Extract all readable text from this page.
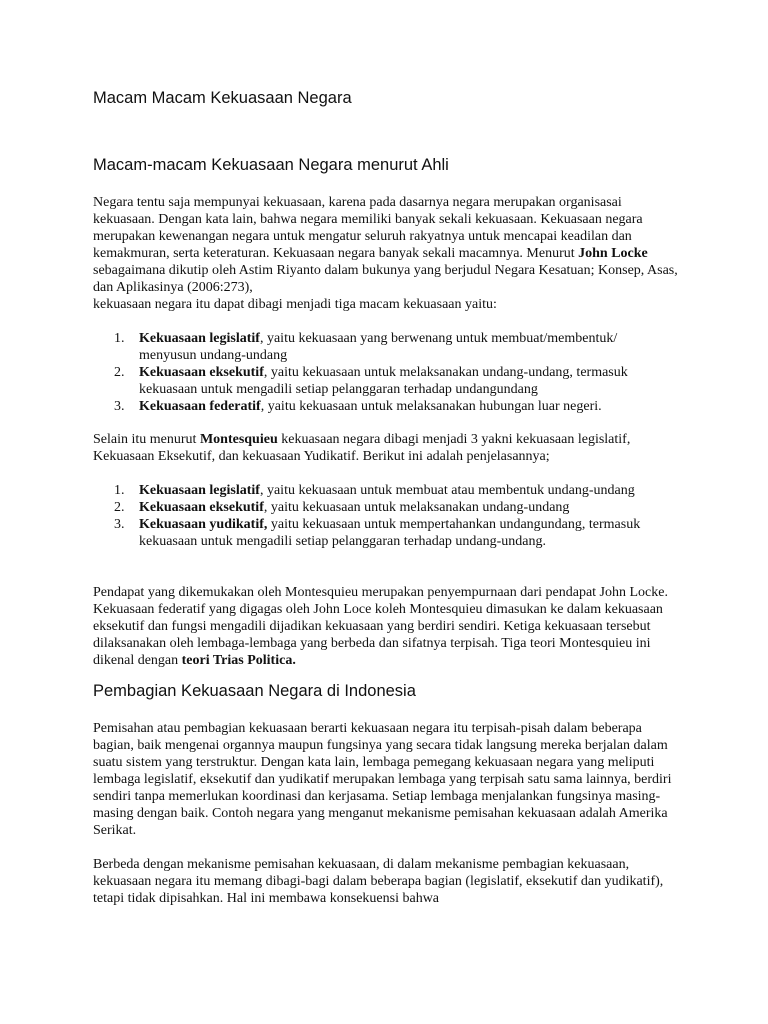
Macam Macam Kekuasaan Negara
Macam-macam Kekuasaan Negara menurut Ahli

Negara tentu saja mempunyai kekuasaan, karena pada dasarnya negara merupakan organisasai kekuasaan. Dengan kata lain, bahwa negara memiliki banyak sekali kekuasaan. Kekuasaan negara merupakan kewenangan negara untuk mengatur seluruh rakyatnya untuk mencapai keadilan dan kemakmuran, serta keteraturan. Kekuasaan negara banyak sekali macamnya. Menurut John Locke sebagaimana dikutip oleh Astim Riyanto dalam bukunya yang berjudul Negara Kesatuan; Konsep, Asas, dan Aplikasinya (2006:273),

kekuasaan negara itu dapat dibagi menjadi tiga macam kekuasaan yaitu:

1. Kekuasaan legislatif, yaitu kekuasaan yang berwenang untuk membuat/membentuk/ menyusun undang-undang
2. Kekuasaan eksekutif, yaitu kekuasaan untuk melaksanakan undang-undang, termasuk kekuasaan untuk mengadili setiap pelanggaran terhadap undangundang
3. Kekuasaan federatif, yaitu kekuasaan untuk melaksanakan hubungan luar negeri.

Selain itu menurut Montesquieu kekuasaan negara dibagi menjadi 3 yakni kekuasaan legislatif, Kekuasaan Eksekutif, dan kekuasaan Yudikatif. Berikut ini adalah penjelasannya;

1. Kekuasaan legislatif, yaitu kekuasaan untuk membuat atau membentuk undang-undang
2. Kekuasaan eksekutif, yaitu kekuasaan untuk melaksanakan undang-undang
3. Kekuasaan yudikatif, yaitu kekuasaan untuk mempertahankan undangundang, termasuk kekuasaan untuk mengadili setiap pelanggaran terhadap undang-undang.

Pendapat yang dikemukakan oleh Montesquieu merupakan penyempurnaan dari pendapat John Locke. Kekuasaan federatif yang digagas oleh John Loce koleh Montesquieu dimasukan ke dalam kekuasaan eksekutif dan fungsi mengadili dijadikan kekuasaan yang berdiri sendiri. Ketiga kekuasaan tersebut dilaksanakan oleh lembaga-lembaga yang berbeda dan sifatnya terpisah. Tiga teori Montesquieu ini dikenal dengan teori Trias Politica.

Pembagian Kekuasaan Negara di Indonesia

Pemisahan atau pembagian kekuasaan berarti kekuasaan negara itu terpisah-pisah dalam beberapa bagian, baik mengenai organnya maupun fungsinya yang secara tidak langsung mereka berjalan dalam suatu sistem yang terstruktur. Dengan kata lain, lembaga pemegang kekuasaan negara yang meliputi lembaga legislatif, eksekutif dan yudikatif merupakan lembaga yang terpisah satu sama lainnya, berdiri sendiri tanpa memerlukan koordinasi dan kerjasama. Setiap lembaga menjalankan fungsinya masing-masing dengan baik. Contoh negara yang menganut mekanisme pemisahan kekuasaan adalah Amerika Serikat.

Berbeda dengan mekanisme pemisahan kekuasaan, di dalam mekanisme pembagian kekuasaan, kekuasaan negara itu memang dibagi-bagi dalam beberapa bagian (legislatif, eksekutif dan yudikatif), tetapi tidak dipisahkan. Hal ini membawa konsekuensi bahwa
